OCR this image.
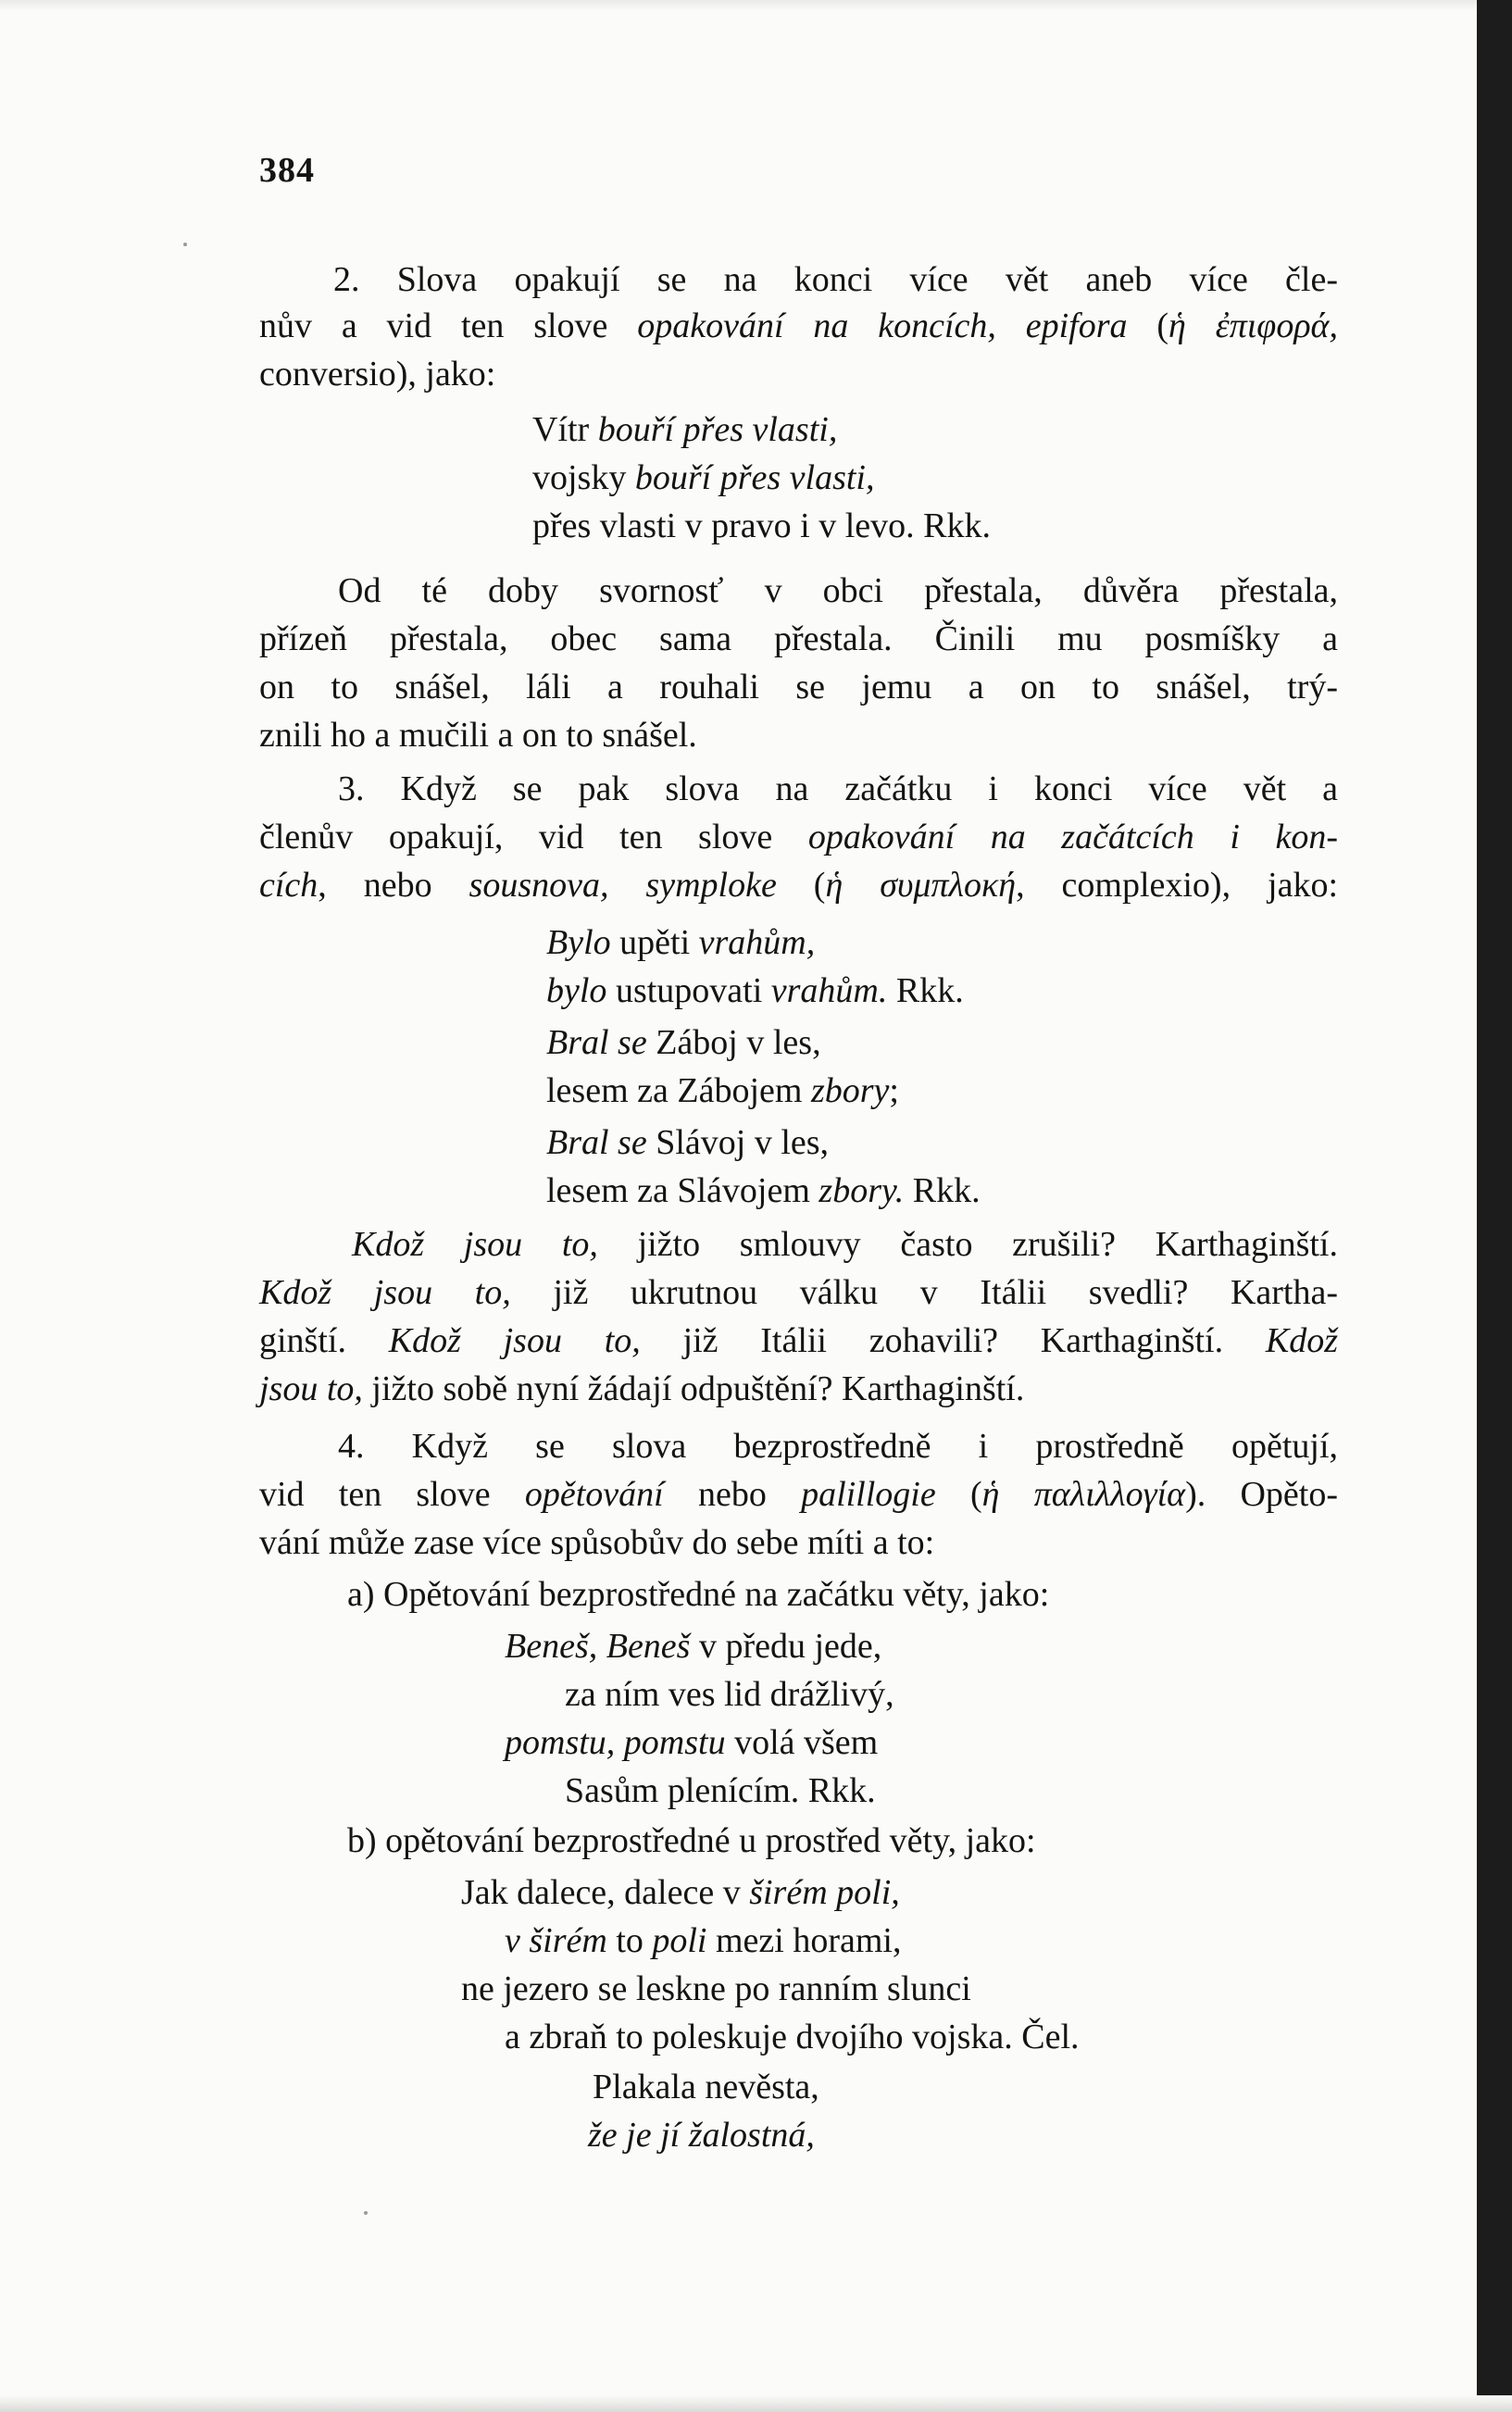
384
2. Slova opakují se na konci více vět aneb více čle-
nův a vid ten slove opakování na koncích, epifora (ἡ ἐπιφορά,
conversio), jako:
Vítr bouří přes vlasti,
vojsky bouří přes vlasti,
přes vlasti v pravo i v levo. Rkk.
Od té doby svornosť v obci přestala, důvěra přestala,
přízeň přestala, obec sama přestala. Činili mu posmíšky a
on to snášel, láli a rouhali se jemu a on to snášel, trý-
znili ho a mučili a on to snášel.
3. Když se pak slova na začátku i konci více vět a
členův opakují, vid ten slove opakování na začátcích i kon-
cích, nebo sousnova, symploke (ἡ συμπλοκή, complexio), jako:
Bylo upěti vrahům,
bylo ustupovati vrahům. Rkk.
Bral se Záboj v les,
lesem za Zábojem zbory;
Bral se Slávoj v les,
lesem za Slávojem zbory. Rkk.
Kdož jsou to, jižto smlouvy často zrušili? Karthaginští.
Kdož jsou to, již ukrutnou válku v Itálii svedli? Kartha-
ginští. Kdož jsou to, již Itálii zohavili? Karthaginští. Kdož
jsou to, jižto sobě nyní žádají odpuštění? Karthaginští.
4. Když se slova bezprostředně i prostředně opětují,
vid ten slove opětování nebo palillogie (ἡ παλιλλογία). Opěto-
vání může zase více spůsobův do sebe míti a to:
a) Opětování bezprostředné na začátku věty, jako:
Beneš, Beneš v předu jede,
za ním ves lid drážlivý,
pomstu, pomstu volá všem
Sasům plenícím. Rkk.
b) opětování bezprostředné u prostřed věty, jako:
Jak dalece, dalece v širém poli,
v širém to poli mezi horami,
ne jezero se leskne po ranním slunci
a zbraň to poleskuje dvojího vojska. Čel.
Plakala nevěsta,
že je jí žalostná,
